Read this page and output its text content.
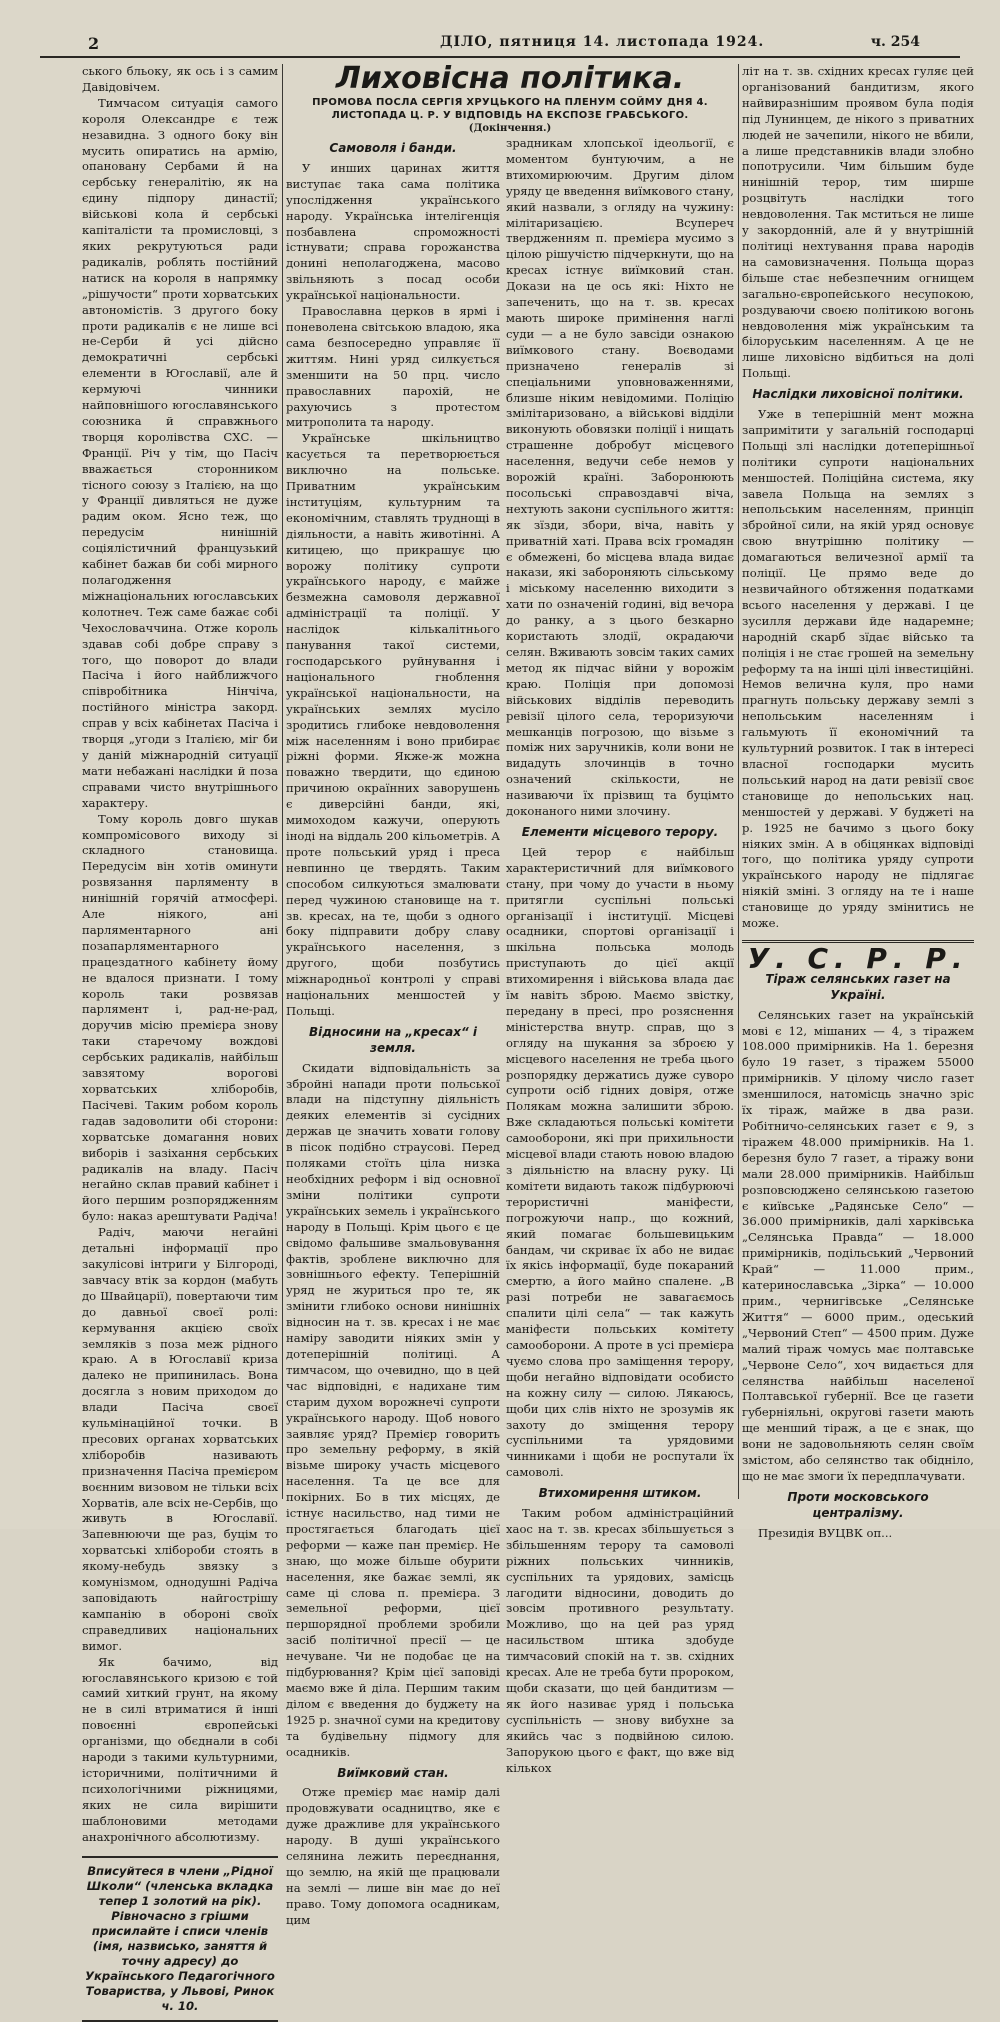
2	ДІЛО, пятниця 14. листопада 1924.	ч. 254

ського бльоку, як ось і з самим Давідовічем.

Тимчасом ситуація самого короля Олександре є теж незавидна. З одного боку він мусить опиратись на армію, опановану Сербами й на сербську генералітію, як на єдину підпору династії; військові кола й сербські капіталісти та промисловці, з яких рекрутуються ради радикалів, роблять постійний натиск на короля в напрямку „рішучости“ проти хорватських автономістів. З другого боку проти радикалів є не лише всі не-Серби й усі дійсно демократичні сербські елементи в Югославії, але й кермуючі чинники найповнішого югославянського союзника й справжнього творця королівства СХС. — Франції. Річ у тім, що Пасіч вважається сторонником тісного союзу з Італією, на що у Франції дивляться не дуже радим оком. Ясно теж, що передусім нинішній соціялістичний французький кабінет бажав би собі мирного полагодження міжнаціональних югославських колотнеч. Теж саме бажає собі Чехословаччина. Отже король здавав собі добре справу з того, що поворот до влади Пасіча і його найближчого співробітника Нінчіча, постійного міністра закорд. справ у всіх кабінетах Пасіча і творця „угоди з Італією, міг би у даній міжнародній ситуації мати небажані наслідки й поза справами чисто внутрішнього характеру.

Тому король довго шукав компромісового виходу зі складного становища. Передусім він хотів оминути розвязання парляменту в нинішній горячій атмосфері. Але ніякого, ані парляментарного ані позапарляментарного працездатного кабінету йому не вдалося признати. І тому король таки розвязав парлямент і, рад-не-рад, доручив місію премієра знову таки старечому вождові сербських радикалів, найбільш завзятому ворогові хорватських хліборобів, Пасічеві. Таким робом король гадав задоволити обі сторони: хорватське домагання нових виборів і зазіхання сербських радикалів на владу. Пасіч негайно склав правий кабінет і його першим розпорядженням було: наказ арештувати Радіча!

Радіч, маючи негайні детальні інформації про закулісові інтриги у Білгороді, завчасу втік за кордон (мабуть до Швайцарії), повертаючи тим до давньої своєї ролі: кермування акцією своїх земляків з поза меж рідного краю. А в Югославії криза далеко не припинилась. Вона досягла з новим приходом до влади Пасіча своєї кульмінаційної точки. В пресових органах хорватських хліборобів називають призначення Пасіча премієром воєнним визовом не тільки всіх Хорватів, але всіх не-Сербів, що живуть в Югославії. Запевнюючи ще раз, буцім то хорватські хлібороби стоять в якому-небудь звязку з комунізмом, однодушні Радіча заповідають найгострішу кампанію в обороні своїх справедливих національних вимог.

Як бачимо, від югославянського кризою є той самий хиткий грунт, на якому не в силі втриматися й інші повоєнні європейські організми, що обєднали в собі народи з такими культурними, історичними, політичними й психологічними ріжницями, яких не сила вирішити шаблоновими методами анахронічного абсолютизму.

Вписуйтеся в члени „Рідної Школи“ (членська вкладка тепер 1 золотий на рік). Рівночасно з грішми присилайте і списи членів (імя, назвисько, заняття й точну адресу) до Українського Педагогічного Товариства, у Львові, Ринок ч. 10.
Лиховісна політика.
ПРОМОВА ПОСЛА СЕРГІЯ ХРУЦЬКОГО НА ПЛЕНУМ СОЙМУ ДНЯ 4. ЛИСТОПАДА Ц. Р. У ВІДПОВІДЬ НА ЕКСПОЗЕ ГРАБСЬКОГО.
(Докінчення.)
Самоволя і банди.

У инших царинах життя виступає така сама політика упослідження українського народу. Українська інтелігенція позбавлена спроможності істнувати; справа горожанства донині неполагоджена, масово звільняють з посад особи української національности.

Православна церков в ярмі і поневолена світською владою, яка сама безпосередно управляє її життям. Нині уряд силкується зменшити на 50 прц. число православних парохій, не рахуючись з протестом митрополита та народу.

Українське шкільництво касується та перетворюється виключно на польське. Приватним українським інституціям, культурним та економічним, ставлять труднощі в діяльности, а навіть животінні. А китицею, що прикрашує цю ворожу політику супроти українського народу, є майже безмежна самоволя державної адміністрації та поліції. У наслідок кількалітнього панування такої системи, господарського руйнування і національного гноблення української національности, на українських землях мусіло зродитись глибоке невдоволення між населенням і воно прибирає ріжні форми. Якже-ж можна поважно твердити, що єдиною причиною окраїнних заворушень є диверсійні банди, які, мимоходом кажучи, оперують іноді на віддаль 200 кільометрів. А проте польський уряд і преса невпинно це твердять. Таким способом силкуються змалювати перед чужиною становище на т. зв. кресах, на те, щоби з одного боку підправити добру славу українського населення, з другого, щоби позбутись міжнародньої контролі у справі національних меншостей у Польщі.

Відносини на „кресах“ і земля.

Скидати відповідальність за збройні напади проти польської влади на підступну діяльність деяких елементів зі сусідних держав це значить ховати голову в пісок подібно страусові. Перед поляками стоїть ціла низка необхідних реформ і від основної зміни політики супроти українських земель і українського народу в Польщі. Крім цього є це свідомо фальшиве змальовування фактів, зроблене виключно для зовнішнього ефекту. Теперішній уряд не журиться про те, як змінити глибоко основи нинішніх відносин на т. зв. кресах і не має наміру заводити ніяких змін у дотеперішній політиці. А тимчасом, що очевидно, що в цей час відповідні, є надихане тим старим духом ворожнечі супроти українського народу. Щоб нового заявляє уряд? Премієр говорить про земельну реформу, в якій візьме широку участь місцевого населення. Та це все для покірних. Бо в тих місцях, де істнує насильство, над тими не простягається благодать цієї реформи — каже пан премієр. Не знаю, що може більше обурити населення, яке бажає землі, як саме ці слова п. премієра. З земельної реформи, цієї першорядної проблеми зробили засіб політичної пресії — це нечуване. Чи не подобає це на підбурювання? Крім цієї заповіді маємо вже й діла. Першим таким ділом є введення до буджету на 1925 р. значної суми на кредитову та будівельну підмогу для осадників.

Виїмковий стан.

Отже премієр має намір далі продовжувати осадництво, яке є дуже дражливе для українського народу. В душі українського селянина лежить переєднання, що землю, на якій ще працювали на землі — лише він має до неї право. Тому допомога осадникам, цим

зрадникам хлопської ідеольогії, є моментом бунтуючим, а не втихомирюючим. Другим ділом уряду це введення виїмкового стану, який назвали, з огляду на чужину: мілітаризацією. Всупереч твердженням п. премієра мусимо з цілою рішучістю підчеркнути, що на кресах істнує виїмковий стан. Докази на це ось які: Ніхто не запеченить, що на т. зв. кресах мають широке примінення наглі суди — а не було завсіди ознакою виїмкового стану. Воєводами призначено генералів зі спеціальними уповноваженнями, близше ніким невідомими. Поліцію змілітаризовано, а військові відділи виконують обовязки поліції і нищать страшенне добробут місцевого населення, ведучи себе немов у ворожій країні. Заборонюють посольські справоздавчі віча, нехтують закони суспільного життя: як зїзди, збори, віча, навіть у приватній хаті. Права всіх громадян є обмежені, бо місцева влада видає накази, які забороняють сільському і міському населенню виходити з хати по означеній годині, від вечора до ранку, а з цього безкарно користають злодії, окрадаючи селян. Вживають зовсім таких самих метод як підчас війни у ворожім краю. Поліція при допомозі військових відділів переводить ревізії цілого села, тероризуючи мешканців погрозою, що візьме з поміж них заручників, коли вони не видадуть злочинців в точно означений скількости, не називаючи їх прізвищ та буцімто доконаного ними злочину.

Елементи місцевого терору.

Цей терор є найбільш характеристичний для виїмкового стану, при чому до участи в ньому притягли суспільні польські організації і інституції. Місцеві осадники, спортові організації і шкільна польська молодь приступають до цієї акції втихомирення і військова влада дає їм навіть зброю. Маємо звістку, передану в пресі, про розяснення міністерства внутр. справ, що з огляду на шукання за зброєю у місцевого населення не треба цього розпорядку держатись дуже суворо супроти осіб гідних довіря, отже Полякам можна залишити зброю. Вже складаються польські комітети самооборони, які при прихильности місцевої влади стають новою владою з діяльністю на власну руку. Ці комітети видають також підбурюючі терористичні маніфести, погрожуючи напр., що кожний, який помагає большевицьким бандам, чи скриває їх або не видає їх якісь інформації, буде покараний смертю, а його майно спалене. „В разі потреби не завагаємось спалити цілі села“ — так кажуть маніфести польських комітету самооборони. А проте в усі премієра чуємо слова про заміщення терору, щоби негайно відповідати особисто на кожну силу — силою. Лякаюсь, щоби цих слів ніхто не зрозумів як захоту до зміщення терору суспільними та урядовими чинниками і щоби не роспутали їх самоволі.

Втихомирення штиком.

Таким робом адміністраційний хаос на т. зв. кресах збільшується з збільшенням терору та самоволі ріжних польських чинників, суспільних та урядових, замісць лагодити відносини, доводить до зовсім противного результату. Можливо, що на цей раз уряд насильством штика здобуде тимчасовий спокій на т. зв. східних кресах. Але не треба бути пророком, щоби сказати, що цей бандитизм — як його називає уряд і польська суспільність — знову вибухне за якийсь час з подвійною силою. Запорукою цього є факт, що вже від кількох

літ на т. зв. східних кресах гуляє цей організований бандитизм, якого найвиразнішим проявом була подія під Лунинцем, де нікого з приватних людей не зачепили, нікого не вбили, а лише представників влади злобно попотрусили. Чим більшим буде нинішній терор, тим ширше розцвітуть наслідки того невдоволення. Так мститься не лише у закордонній, але й у внутрішній політиці нехтування права народів на самовизначення. Польща щораз більше стає небезпечним огнищем загально-європейського несупокою, роздуваючи своєю політикою вогонь невдоволення між українським та білоруським населенням. А це не лише лиховісно відбиться на долі Польщі.

Наслідки лиховісної політики.

Уже в теперішній мент можна запримітити у загальній господарці Польщі злі наслідки дотеперішньої політики супроти національних меншостей. Поліційна система, яку завела Польща на землях з непольським населенням, принціп збройної сили, на якій уряд основує свою внутрішню політику — домагаються величезної армії та поліції. Це прямо веде до незвичайного обтяження податками всього населення у державі. І це зусилля держави йде надаремне; народній скарб зїдає військо та поліція і не стає грошей на земельну реформу та на інші цілі інвестиційні. Немов велична куля, про нами прагнуть польську державу землі з непольським населенням і гальмують її економічний та культурний розвиток. І так в інтересі власної господарки мусить польський народ на дати ревізії своє становище до непольських нац. меншостей у державі. У буджеті на р. 1925 не бачимо з цього боку ніяких змін. А в обіцянках відповіді того, що політика уряду супроти українського народу не підлягає ніякій зміні. З огляду на те і наше становище до уряду змінитись не може.

У. С. Р. Р.
Тіраж селянських газет на Україні.

Селянських газет на українській мові є 12, мішаних — 4, з тіражем 108.000 примірників. На 1. березня було 19 газет, з тіражем 55000 примірників. У цілому число газет зменшилося, натомісць значно зріс їх тіраж, майже в два рази. Робітничо-селянських газет є 9, з тіражем 48.000 примірників. На 1. березня було 7 газет, а тіражу вони мали 28.000 примірників. Найбільш розповсюджено селянською газетою є київське „Радянське Село“ — 36.000 примірників, далі харківська „Селянська Правда“ — 18.000 примірників, подільський „Червоний Край“ — 11.000 прим., катеринославська „Зірка“ — 10.000 прим., чернигівське „Селянське Життя“ — 6000 прим., одеський „Червоний Степ“ — 4500 прим. Дуже малий тіраж чомусь має полтавське „Червоне Село“, хоч видається для селянства найбільш населеної Полтавської губернії. Все це газети губерніяльні, округові газети мають ще менший тіраж, а це є знак, що вони не задовольняють селян своїм змістом, або селянство так обідніло, що не має змоги їх передплачувати.

Проти московського централізму.

Президія ВУЦВК оп...
